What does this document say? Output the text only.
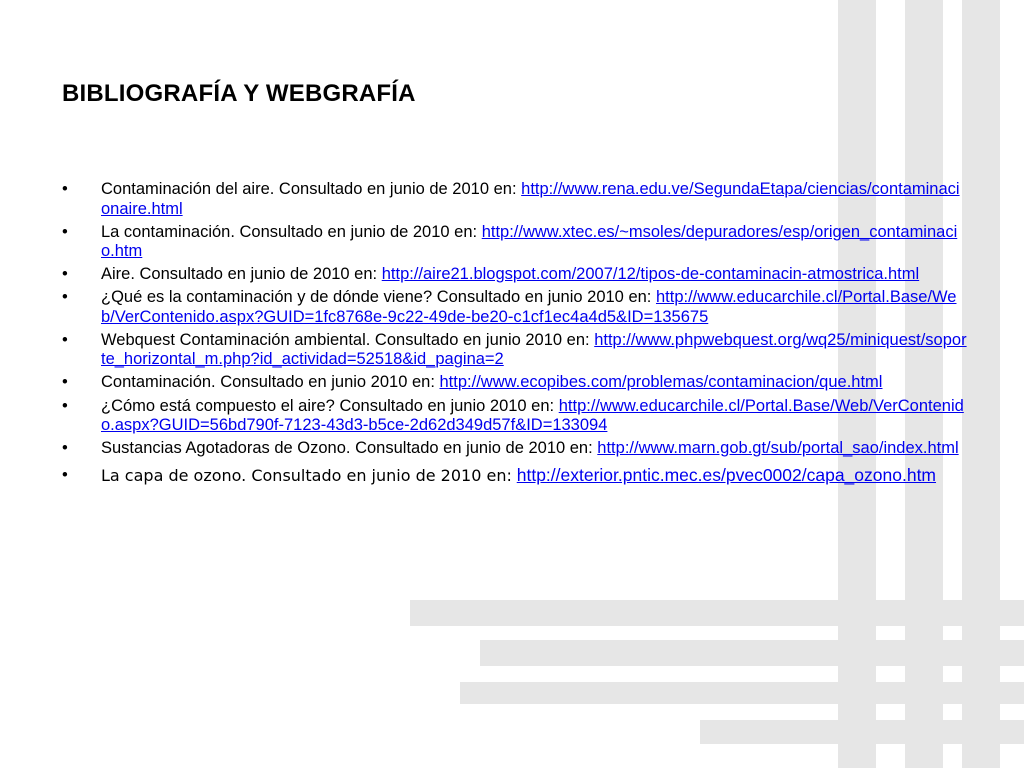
BIBLIOGRAFÍA Y WEBGRAFÍA
• Contaminación del aire. Consultado en junio de 2010 en: http://www.rena.edu.ve/SegundaEtapa/ciencias/contaminacionaire.html
• La contaminación. Consultado en junio de 2010 en: http://www.xtec.es/~msoles/depuradores/esp/origen_contaminacio.htm
• Aire. Consultado en junio de 2010 en: http://aire21.blogspot.com/2007/12/tipos-de-contaminacin-atmostrica.html
• ¿Qué es la contaminación y de dónde viene? Consultado en junio 2010 en: http://www.educarchile.cl/Portal.Base/Web/VerContenido.aspx?GUID=1fc8768e-9c22-49de-be20-c1cf1ec4a4d5&ID=135675
• Webquest Contaminación ambiental. Consultado en junio 2010 en: http://www.phpwebquest.org/wq25/miniquest/soporte_horizontal_m.php?id_actividad=52518&id_pagina=2
• Contaminación. Consultado en junio 2010 en: http://www.ecopibes.com/problemas/contaminacion/que.html
• ¿Cómo está compuesto el aire? Consultado en junio 2010 en: http://www.educarchile.cl/Portal.Base/Web/VerContenido.aspx?GUID=56bd790f-7123-43d3-b5ce-2d62d349d57f&ID=133094
• Sustancias Agotadoras de Ozono. Consultado en junio de 2010 en: http://www.marn.gob.gt/sub/portal_sao/index.html
• La capa de ozono. Consultado en junio de 2010 en: http://exterior.pntic.mec.es/pvec0002/capa_ozono.htm
